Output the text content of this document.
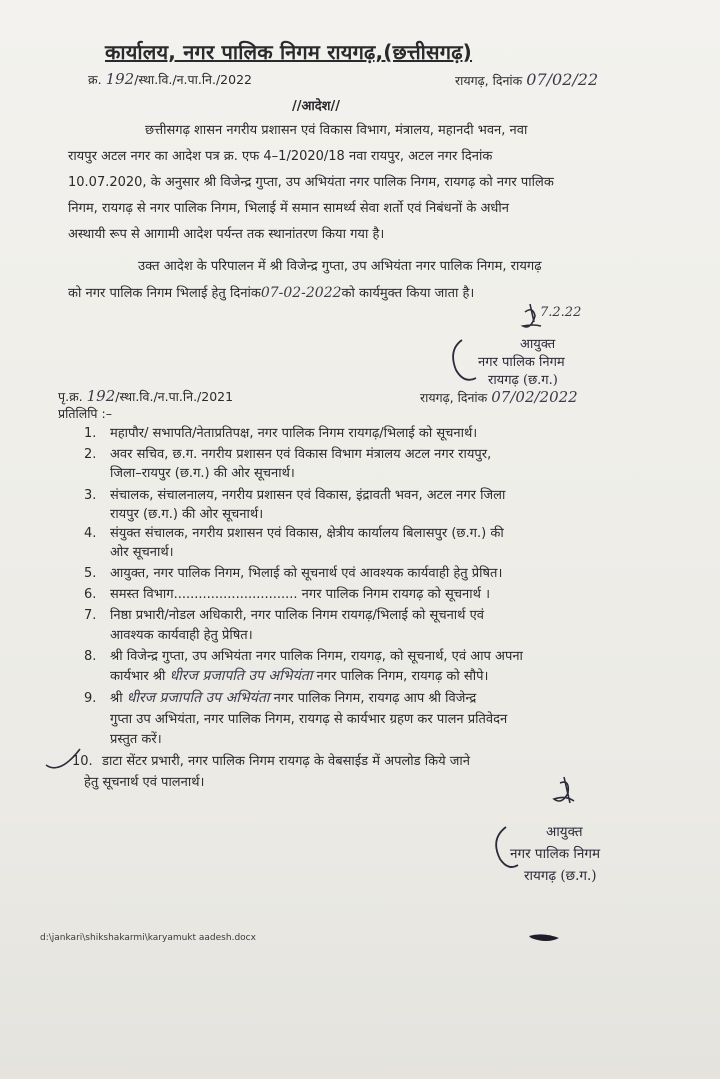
कार्यालय, नगर पालिक निगम रायगढ़,(छत्तीसगढ़)
क्र. 192/स्था.वि./न.पा.नि./2022	रायगढ़, दिनांक 07/02/22
//आदेश//
छत्तीसगढ़ शासन नगरीय प्रशासन एवं विकास विभाग, मंत्रालय, महानदी भवन, नवा
रायपुर अटल नगर का आदेश पत्र क्र. एफ 4–1/2020/18 नवा रायपुर, अटल नगर दिनांक
10.07.2020, के अनुसार श्री विजेन्द्र गुप्ता, उप अभियंता नगर पालिक निगम, रायगढ़ को नगर पालिक
निगम, रायगढ़ से नगर पालिक निगम, भिलाई में समान सामर्थ्य सेवा शर्तो एवं निबंधनों के अधीन
अस्थायी रूप से आगामी आदेश पर्यन्त तक स्थानांतरण किया गया है।
उक्त आदेश के परिपालन में श्री विजेन्द्र गुप्ता, उप अभियंता नगर पालिक निगम, रायगढ़
को नगर पालिक निगम भिलाई हेतु दिनांक07-02-2022को कार्यमुक्त किया जाता है।
7.2.22
आयुक्त
नगर पालिक निगम
रायगढ़ (छ.ग.)
पृ.क्र. 192/स्था.वि./न.पा.नि./2021	रायगढ़, दिनांक 07/02/2022
प्रतिलिपि :–
1. महापौर/ सभापति/नेताप्रतिपक्ष, नगर पालिक निगम रायगढ़/भिलाई को सूचनार्थ।
2. अवर सचिव, छ.ग. नगरीय प्रशासन एवं विकास विभाग मंत्रालय अटल नगर रायपुर,
जिला–रायपुर (छ.ग.) की ओर सूचनार्थ।
3. संचालक, संचालनालय, नगरीय प्रशासन एवं विकास, इंद्रावती भवन, अटल नगर जिला
रायपुर (छ.ग.) की ओर सूचनार्थ।
4. संयुक्त संचालक, नगरीय प्रशासन एवं विकास, क्षेत्रीय कार्यालय बिलासपुर (छ.ग.) की
ओर सूचनार्थ।
5. आयुक्त, नगर पालिक निगम, भिलाई को सूचनार्थ एवं आवश्यक कार्यवाही हेतु प्रेषित।
6. समस्त विभाग.............................. नगर पालिक निगम रायगढ़ को सूचनार्थ ।
7. निष्ठा प्रभारी/नोडल अधिकारी, नगर पालिक निगम रायगढ़/भिलाई को सूचनार्थ एवं
आवश्यक कार्यवाही हेतु प्रेषित।
8. श्री विजेन्द्र गुप्ता, उप अभियंता नगर पालिक निगम, रायगढ़, को सूचनार्थ, एवं आप अपना
कार्यभार श्री धीरज प्रजापति उप अभियंता नगर पालिक निगम, रायगढ़ को सौपे।
9. श्री धीरज प्रजापति उप अभियंता नगर पालिक निगम, रायगढ़ आप श्री विजेन्द्र
गुप्ता उप अभियंता, नगर पालिक निगम, रायगढ़ से कार्यभार ग्रहण कर पालन प्रतिवेदन
प्रस्तुत करें।
10. डाटा सेंटर प्रभारी, नगर पालिक निगम रायगढ़ के वेबसाईड में अपलोड किये जाने
हेतु सूचनार्थ एवं पालनार्थ।
आयुक्त
नगर पालिक निगम
रायगढ़ (छ.ग.)
d:\jankari\shikshakarmi\karyamukt aadesh.docx
